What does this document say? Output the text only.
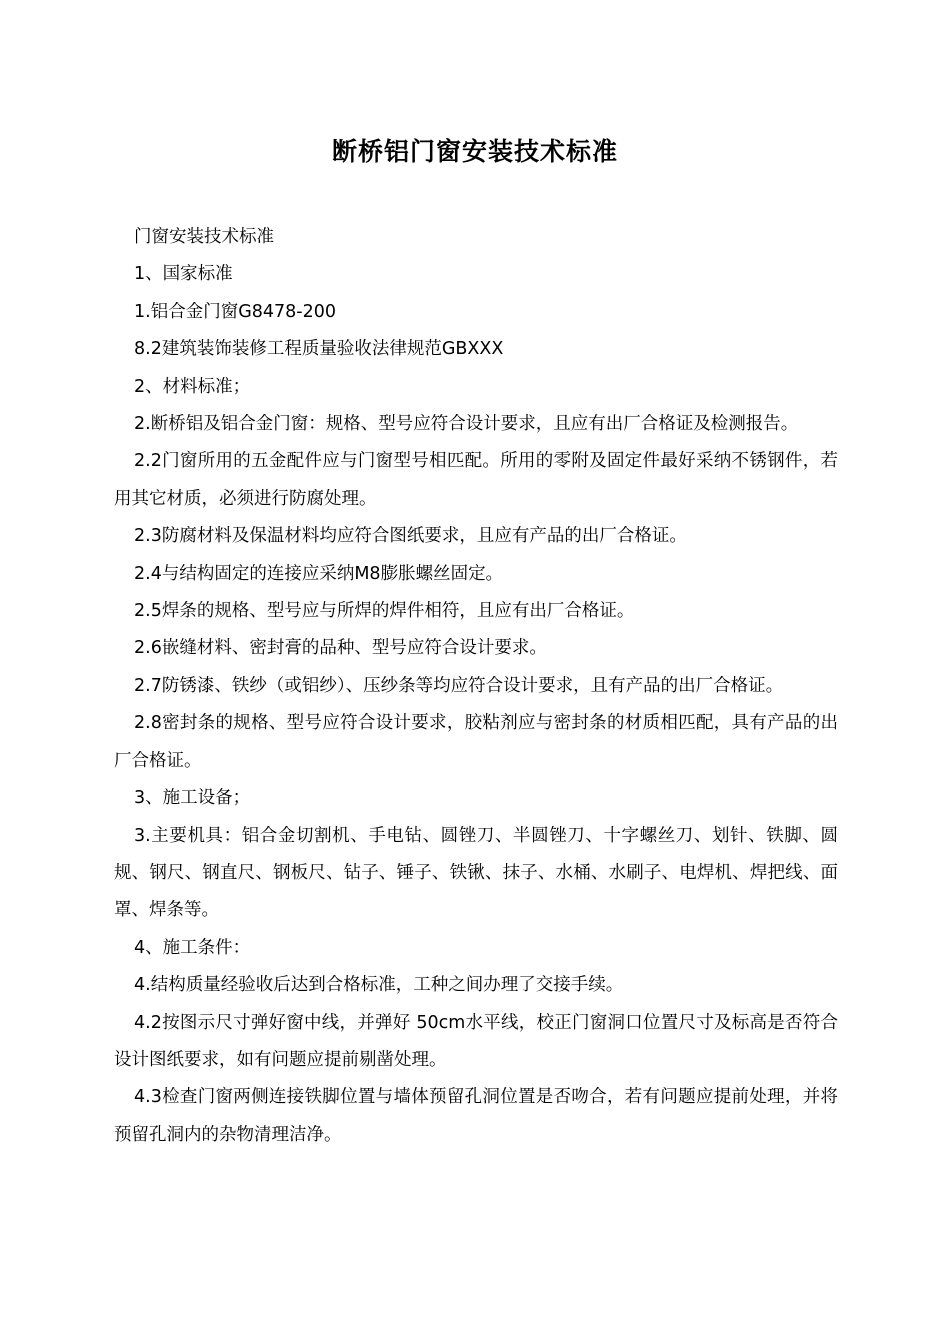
断桥铝门窗安装技术标准

门窗安装技术标准

1、国家标准

1.铝合金门窗G8478-200

8.2建筑装饰装修工程质量验收法律规范GBXXX

2、材料标准；

2.断桥铝及铝合金门窗：规格、型号应符合设计要求，且应有出厂合格证及检测报告。

2.2门窗所用的五金配件应与门窗型号相匹配。所用的零附及固定件最好采纳不锈钢件，若用其它材质，必须进行防腐处理。

2.3防腐材料及保温材料均应符合图纸要求，且应有产品的出厂合格证。

2.4与结构固定的连接应采纳M8膨胀螺丝固定。

2.5焊条的规格、型号应与所焊的焊件相符，且应有出厂合格证。

2.6嵌缝材料、密封膏的品种、型号应符合设计要求。

2.7防锈漆、铁纱（或铝纱）、压纱条等均应符合设计要求，且有产品的出厂合格证。

2.8密封条的规格、型号应符合设计要求，胶粘剂应与密封条的材质相匹配，具有产品的出厂合格证。

3、施工设备；

3.主要机具：铝合金切割机、手电钻、圆锉刀、半圆锉刀、十字螺丝刀、划针、铁脚、圆规、钢尺、钢直尺、钢板尺、钻子、锤子、铁锹、抹子、水桶、水刷子、电焊机、焊把线、面罩、焊条等。

4、施工条件：

4.结构质量经验收后达到合格标准，工种之间办理了交接手续。

4.2按图示尺寸弹好窗中线，并弹好 50cm水平线，校正门窗洞口位置尺寸及标高是否符合设计图纸要求，如有问题应提前剔凿处理。

4.3检查门窗两侧连接铁脚位置与墙体预留孔洞位置是否吻合，若有问题应提前处理，并将预留孔洞内的杂物清理洁净。
